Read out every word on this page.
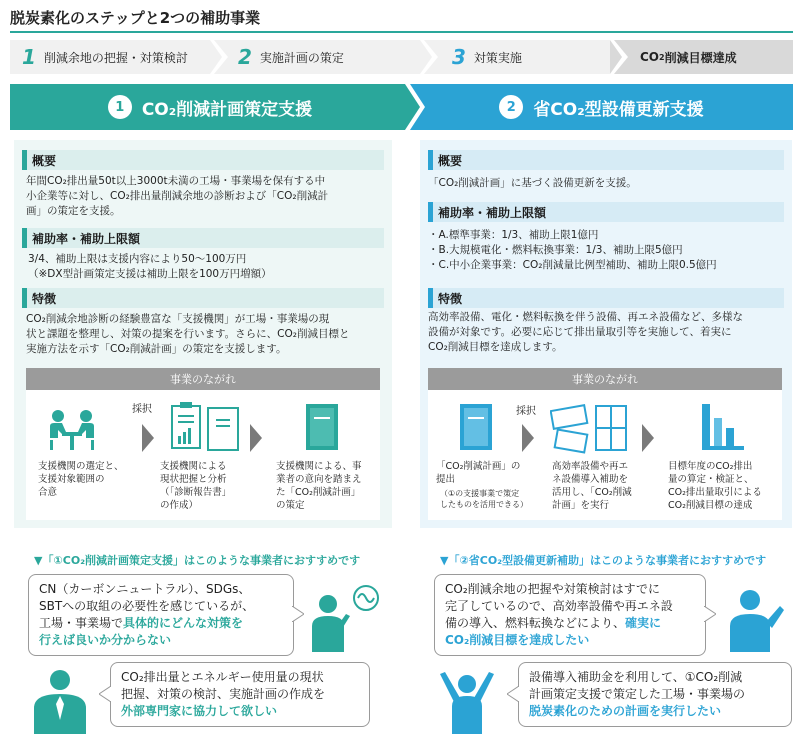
脱炭素化のステップと2つの補助事業
1 削減余地の把握・対策検討	2 実施計画の策定	3 対策実施	CO 2 削減目標達成
1	CO₂削減計画策定支援	2	省CO₂型設備更新支援
概要
年間CO₂排出量50t以上3000t未満の工場・事業場を保有する中
小企業等に対し、CO₂排出量削減余地の診断および「CO₂削減計
画」の策定を支援。
補助率・補助上限額
3/4、補助上限は支援内容により50～100万円
（※DX型計画策定支援は補助上限を100万円増額）
特徴
CO₂削減余地診断の経験豊富な「支援機関」が工場・事業場の現
状と課題を整理し、対策の提案を行います。さらに、CO₂削減目標と
実施方法を示す「CO₂削減計画」の策定を支援します。
事業のながれ
採択
支援機関の選定と、
支援対象範囲の
合意
支援機関による
現状把握と分析
（「診断報告書」
の作成）
支援機関による、事
業者の意向を踏まえ
た「CO₂削減計画」
の策定
概要
「CO₂削減計画」に基づく設備更新を支援。
補助率・補助上限額
・A.標準事業：1/3、補助上限1億円
・B.大規模電化・燃料転換事業：1/3、補助上限5億円
・C.中小企業事業：CO₂削減量比例型補助、補助上限0.5億円
特徴
高効率設備、電化・燃料転換を伴う設備、再エネ設備など、多様な
設備が対象です。必要に応じて排出量取引等を実施して、着実に
CO₂削減目標を達成します。
事業のながれ
採択
「CO₂削減計画」の
提出
（①の支援事業で策定
したものを活用できる）
高効率設備や再エ
ネ設備導入補助を
活用し、「CO₂削減
計画」を実行
目標年度のCO₂排出
量の算定・検証と、
CO₂排出量取引による
CO₂削減目標の達成
▼「①CO₂削減計画策定支援」はこのような事業者におすすめです	▼「②省CO₂型設備更新補助」はこのような事業者におすすめです
CN（カーボンニュートラル）、SDGs、
SBTへの取組の必要性を感じているが、
工場・事業場で具体的にどんな対策を
行えば良いか分からない
CO₂排出量とエネルギー使用量の現状
把握、対策の検討、実施計画の作成を
外部専門家に協力して欲しい
CO₂削減余地の把握や対策検討はすでに
完了しているので、高効率設備や再エネ設
備の導入、燃料転換などにより、確実に
CO₂削減目標を達成したい
設備導入補助金を利用して、①CO₂削減
計画策定支援で策定した工場・事業場の
脱炭素化のための計画を実行したい
